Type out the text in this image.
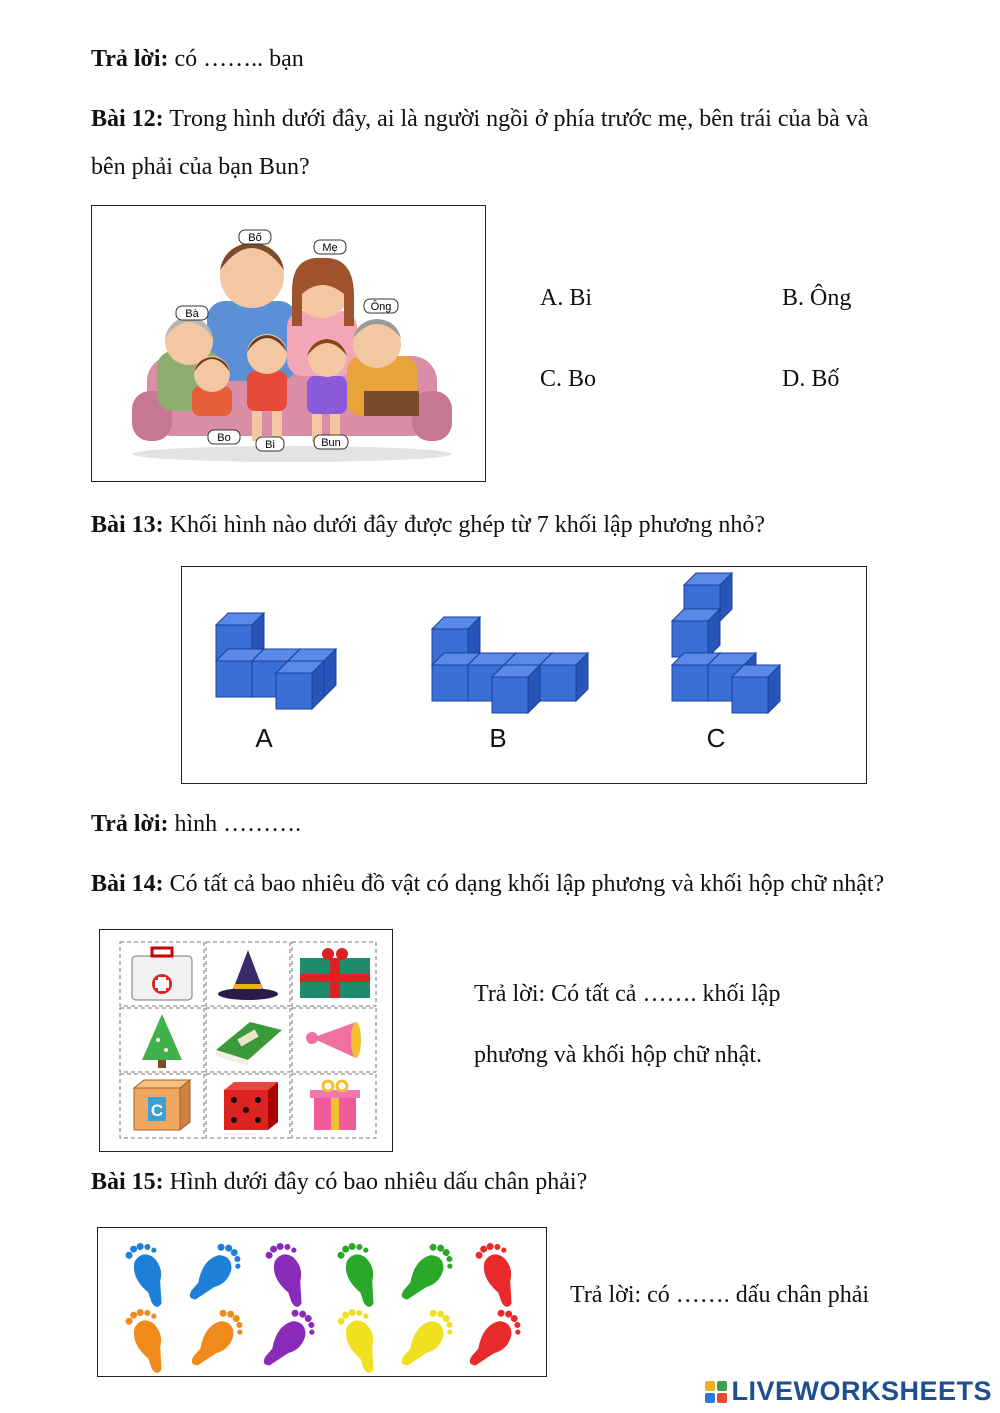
Trả lời: có …….. bạn
Bài 12: Trong hình dưới đây, ai là người ngồi ở phía trước mẹ, bên trái của bà và
bên phải của bạn Bun?
Bố
Mẹ
Bà
Ông
Bo
Bi	Bun
A. Bi	B. Ông
C. Bo	D. Bố
Bài 13: Khối hình nào dưới đây được ghép từ 7 khối lập phương nhỏ?
A	B	C
Trả lời: hình ……….
Bài 14: Có tất cả bao nhiêu đồ vật có dạng khối lập phương và khối hộp chữ nhật?
C
Trả lời: Có tất cả ……. khối lập
phương và khối hộp chữ nhật.
Bài 15: Hình dưới đây có bao nhiêu dấu chân phải?
Trả lời: có ……. dấu chân phải
LIVEWORKSHEETS
